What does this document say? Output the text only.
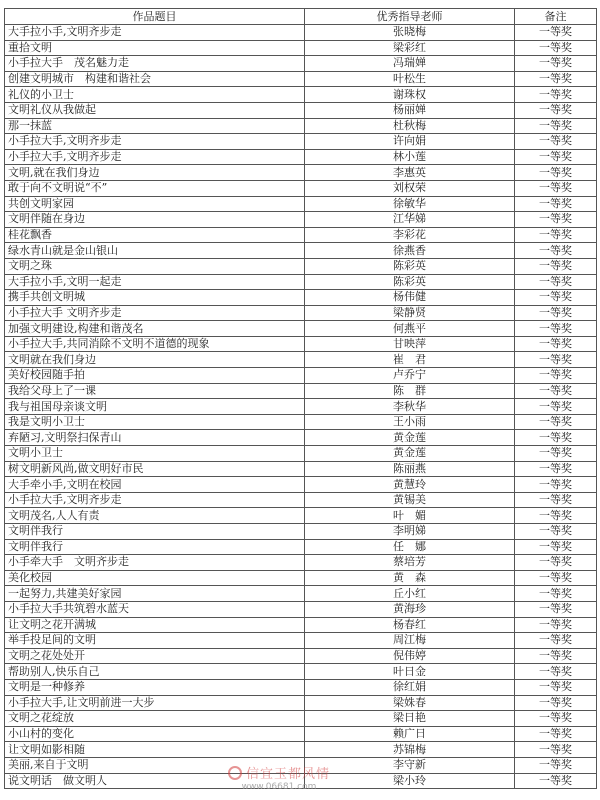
作品题目	优秀指导老师	备注
大手拉小手,文明齐步走	张晓梅	一等奖
重拾文明	梁彩红	一等奖
小手拉大手　茂名魅力走	冯瑞婵	一等奖
创建文明城市　构建和谐社会	叶松生	一等奖
礼仪的小卫士	谢珠权	一等奖
文明礼仪从我做起	杨丽婵	一等奖
那一抹蓝	杜秋梅	一等奖
小手拉大手,文明齐步走	许向娟	一等奖
小手拉大手,文明齐步走	林小莲	一等奖
文明,就在我们身边	李惠英	一等奖
敢于向不文明说“不”	刘权荣	一等奖
共创文明家园	徐敏华	一等奖
文明伴随在身边	江华娣	一等奖
桂花飘香	李彩花	一等奖
绿水青山就是金山银山	徐燕香	一等奖
文明之珠	陈彩英	一等奖
大手拉小手,文明一起走	陈彩英	一等奖
携手共创文明城	杨伟健	一等奖
小手拉大手 文明齐步走	梁静贤	一等奖
加强文明建设,构建和谐茂名	何燕平	一等奖
小手拉大手,共同消除不文明不道德的现象	甘映萍	一等奖
文明就在我们身边	崔　君	一等奖
美好校园随手拍	卢乔宁	一等奖
我给父母上了一课	陈　群	一等奖
我与祖国母亲谈文明	李秋华	一等奖
我是文明小卫士	王小雨	一等奖
弃陋习,文明祭扫保青山	黄金莲	一等奖
文明小卫士	黄金莲	一等奖
树文明新风尚,做文明好市民	陈丽燕	一等奖
大手牵小手,文明在校园	黄慧玲	一等奖
小手拉大手,文明齐步走	黄锡美	一等奖
文明茂名,人人有责	叶　媚	一等奖
文明伴我行	李明娣	一等奖
文明伴我行	任　娜	一等奖
小手牵大手　文明齐步走	蔡培芳	一等奖
美化校园	黄　森	一等奖
一起努力,共建美好家园	丘小红	一等奖
小手拉大手共筑碧水蓝天	黄海珍	一等奖
让文明之花开满城	杨春红	一等奖
举手投足间的文明	周江梅	一等奖
文明之花处处开	倪伟婷	一等奖
帮助别人,快乐自己	叶日金	一等奖
文明是一种修养	徐红娟	一等奖
小手拉大手,让文明前进一大步	梁姝春	一等奖
文明之花绽放	梁日艳	一等奖
小山村的变化	赖广日	一等奖
让文明如影相随	苏锦梅	一等奖
美丽,来自于文明	李守新	一等奖
说文明话　做文明人	梁小玲	一等奖
信宜玉都风情
www.06681.com
